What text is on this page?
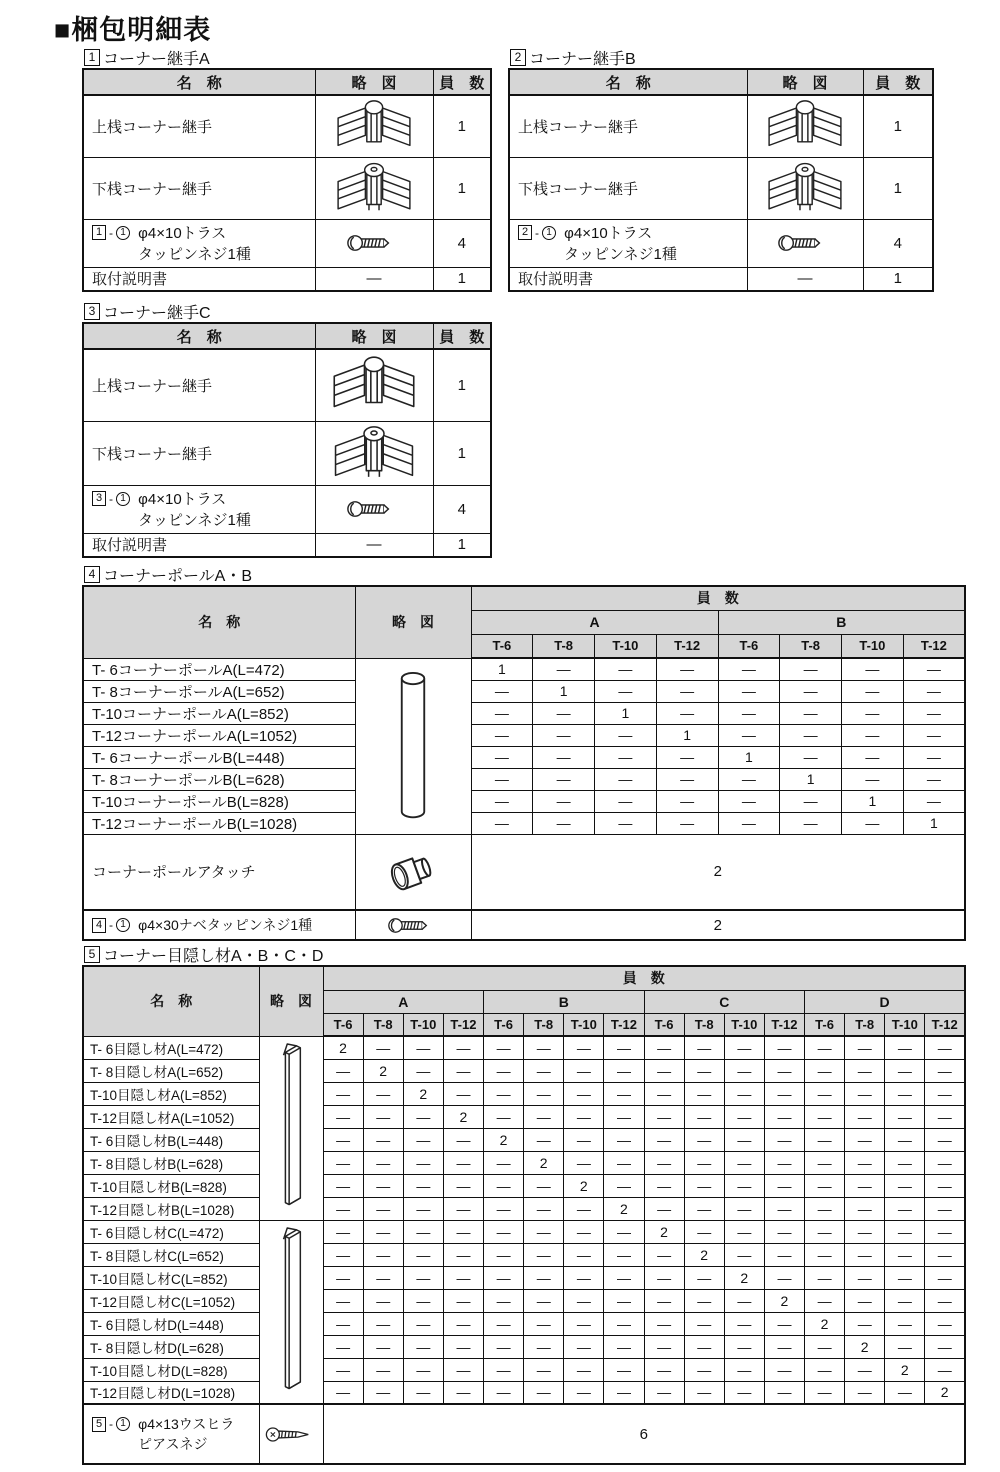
■梱包明細表
1 コーナー継手A
名　称	略　図	員　数
上桟コーナー継手		1
下桟コーナー継手		1

1 - 1
φ4×10トラス
タッピンネジ1種		4
取付説明書	―	1
2 コーナー継手B
名　称	略　図	員　数
上桟コーナー継手		1
下桟コーナー継手		1

2 - 1
φ4×10トラス
タッピンネジ1種		4
取付説明書	―	1
3 コーナー継手C
名　称	略　図	員　数
上桟コーナー継手		1
下桟コーナー継手		1

3 - 1
φ4×10トラス
タッピンネジ1種		4
取付説明書	―	1
4 コーナーポールA・B
名　称	略　図	員　数							
		A				B			
		T-6	T-8	T-10	T-12	T-6	T-8	T-10	T-12
T- 6コーナーポールA(L=472)		1	―	―	―	―	―	―	―
T- 8コーナーポールA(L=652)		―	1	―	―	―	―	―	―
T-10コーナーポールA(L=852)		―	―	1	―	―	―	―	―
T-12コーナーポールA(L=1052)		―	―	―	1	―	―	―	―
T- 6コーナーポールB(L=448)		―	―	―	―	1	―	―	―
T- 8コーナーポールB(L=628)		―	―	―	―	―	1	―	―
T-10コーナーポールB(L=828)		―	―	―	―	―	―	1	―
T-12コーナーポールB(L=1028)		―	―	―	―	―	―	―	1
コーナーポールアタッチ		2							

4 - 1
φ4×30ナベタッピンネジ1種		2							
5 コーナー目隠し材A・B・C・D
名　称	略　図	員　数															
		A				B				C				D			
		T-6	T-8	T-10	T-12	T-6	T-8	T-10	T-12	T-6	T-8	T-10	T-12	T-6	T-8	T-10	T-12
T- 6目隠し材A(L=472)		2	―	―	―	―	―	―	―	―	―	―	―	―	―	―	―
T- 8目隠し材A(L=652)		―	2	―	―	―	―	―	―	―	―	―	―	―	―	―	―
T-10目隠し材A(L=852)		―	―	2	―	―	―	―	―	―	―	―	―	―	―	―	―
T-12目隠し材A(L=1052)		―	―	―	2	―	―	―	―	―	―	―	―	―	―	―	―
T- 6目隠し材B(L=448)		―	―	―	―	2	―	―	―	―	―	―	―	―	―	―	―
T- 8目隠し材B(L=628)		―	―	―	―	―	2	―	―	―	―	―	―	―	―	―	―
T-10目隠し材B(L=828)		―	―	―	―	―	―	2	―	―	―	―	―	―	―	―	―
T-12目隠し材B(L=1028)		―	―	―	―	―	―	―	2	―	―	―	―	―	―	―	―
T- 6目隠し材C(L=472)		―	―	―	―	―	―	―	―	2	―	―	―	―	―	―	―
T- 8目隠し材C(L=652)		―	―	―	―	―	―	―	―	―	2	―	―	―	―	―	―
T-10目隠し材C(L=852)		―	―	―	―	―	―	―	―	―	―	2	―	―	―	―	―
T-12目隠し材C(L=1052)		―	―	―	―	―	―	―	―	―	―	―	2	―	―	―	―
T- 6目隠し材D(L=448)		―	―	―	―	―	―	―	―	―	―	―	―	2	―	―	―
T- 8目隠し材D(L=628)		―	―	―	―	―	―	―	―	―	―	―	―	―	2	―	―
T-10目隠し材D(L=828)		―	―	―	―	―	―	―	―	―	―	―	―	―	―	2	―
T-12目隠し材D(L=1028)		―	―	―	―	―	―	―	―	―	―	―	―	―	―	―	2

5 - 1
φ4×13ウスヒラ
ピアスネジ		6															
